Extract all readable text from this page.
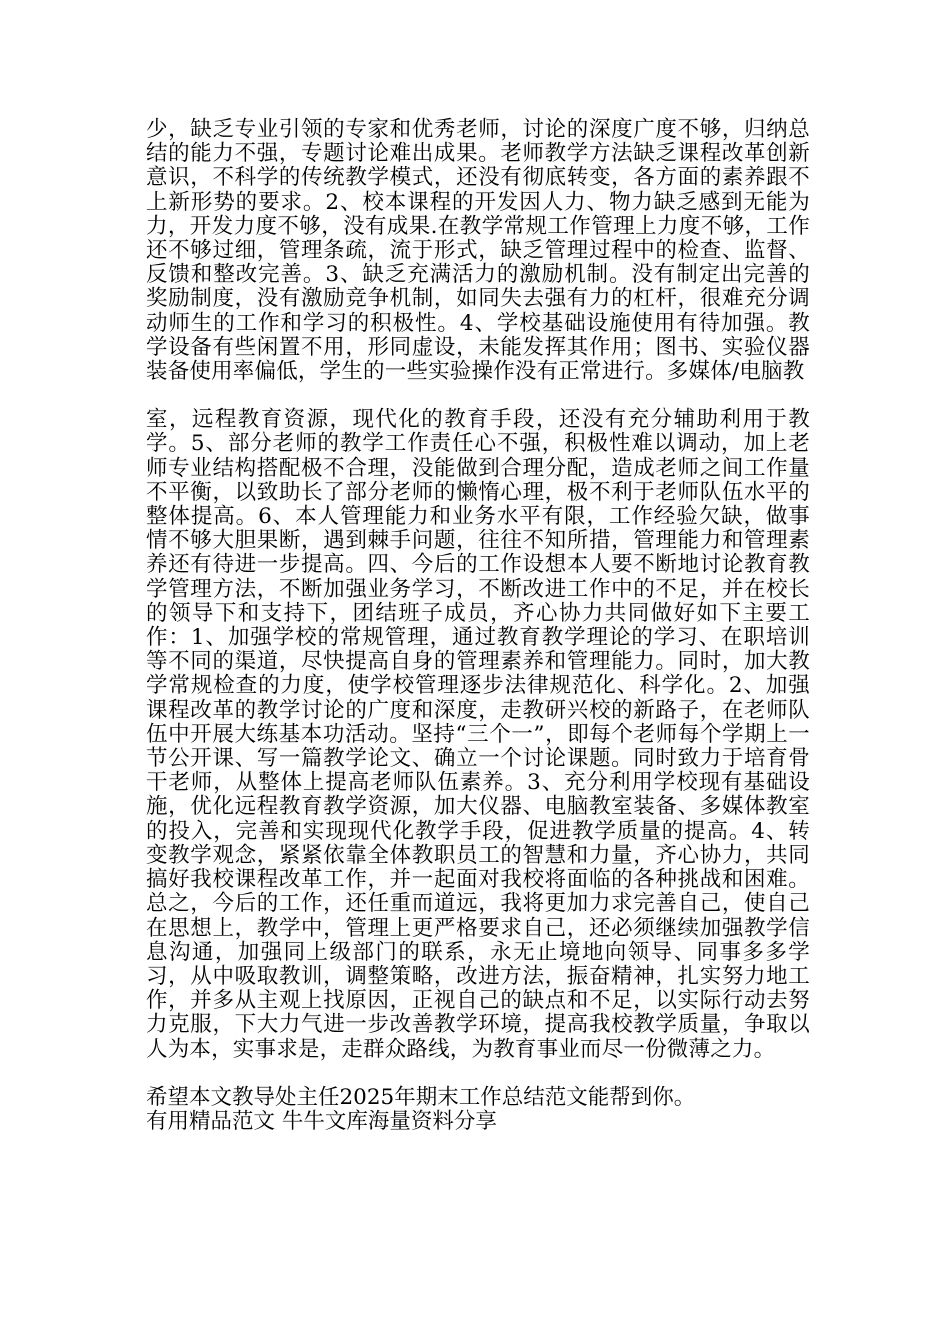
少，缺乏专业引领的专家和优秀老师，讨论的深度广度不够，归纳总结的能力不强，专题讨论难出成果。老师教学方法缺乏课程改革创新意识，不科学的传统教学模式，还没有彻底转变，各方面的素养跟不上新形势的要求。2、校本课程的开发因人力、物力缺乏感到无能为力，开发力度不够，没有成果.在教学常规工作管理上力度不够，工作还不够过细，管理条疏，流于形式，缺乏管理过程中的检查、监督、反馈和整改完善。3、缺乏充满活力的激励机制。没有制定出完善的奖励制度，没有激励竞争机制，如同失去强有力的杠杆，很难充分调动师生的工作和学习的积极性。4、学校基础设施使用有待加强。教学设备有些闲置不用，形同虚设，未能发挥其作用；图书、实验仪器装备使用率偏低，学生的一些实验操作没有正常进行。多媒体/电脑教

室，远程教育资源，现代化的教育手段，还没有充分辅助利用于教学。5、部分老师的教学工作责任心不强，积极性难以调动，加上老师专业结构搭配极不合理，没能做到合理分配，造成老师之间工作量不平衡，以致助长了部分老师的懒惰心理，极不利于老师队伍水平的整体提高。6、本人管理能力和业务水平有限，工作经验欠缺，做事情不够大胆果断，遇到棘手问题，往往不知所措，管理能力和管理素养还有待进一步提高。四、今后的工作设想本人要不断地讨论教育教学管理方法，不断加强业务学习，不断改进工作中的不足，并在校长的领导下和支持下，团结班子成员，齐心协力共同做好如下主要工作：1、加强学校的常规管理，通过教育教学理论的学习、在职培训等不同的渠道，尽快提高自身的管理素养和管理能力。同时，加大教学常规检查的力度，使学校管理逐步法律规范化、科学化。2、加强课程改革的教学讨论的广度和深度，走教研兴校的新路子，在老师队伍中开展大练基本功活动。坚持“三个一”，即每个老师每个学期上一节公开课、写一篇教学论文、确立一个讨论课题。同时致力于培育骨干老师，从整体上提高老师队伍素养。3、充分利用学校现有基础设施，优化远程教育教学资源，加大仪器、电脑教室装备、多媒体教室的投入，完善和实现现代化教学手段，促进教学质量的提高。4、转变教学观念，紧紧依靠全体教职员工的智慧和力量，齐心协力，共同搞好我校课程改革工作，并一起面对我校将面临的各种挑战和困难。总之，今后的工作，还任重而道远，我将更加力求完善自己，使自己在思想上，教学中，管理上更严格要求自己，还必须继续加强教学信息沟通，加强同上级部门的联系，永无止境地向领导、同事多多学习，从中吸取教训，调整策略，改进方法，振奋精神，扎实努力地工作，并多从主观上找原因，正视自己的缺点和不足，以实际行动去努力克服，下大力气进一步改善教学环境，提高我校教学质量，争取以人为本，实事求是，走群众路线，为教育事业而尽一份微薄之力。

希望本文教导处主任2025年期末工作总结范文能帮到你。
有用精品范文 牛牛文库海量资料分享
